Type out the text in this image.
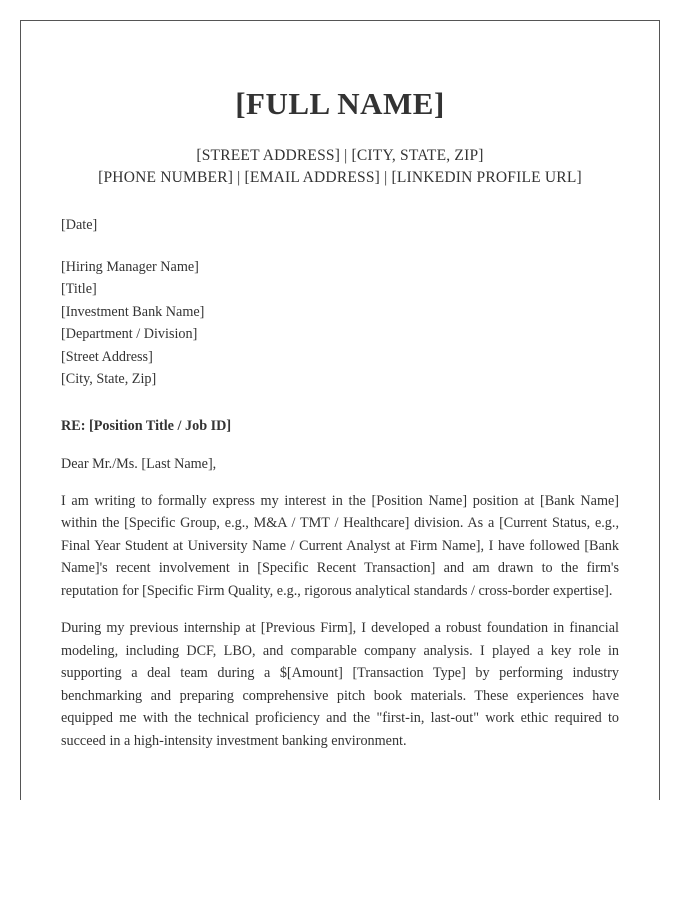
[FULL NAME]
[STREET ADDRESS] | [CITY, STATE, ZIP]
[PHONE NUMBER] | [EMAIL ADDRESS] | [LINKEDIN PROFILE URL]
[Date]
[Hiring Manager Name]
[Title]
[Investment Bank Name]
[Department / Division]
[Street Address]
[City, State, Zip]
RE: [Position Title / Job ID]
Dear Mr./Ms. [Last Name],

I am writing to formally express my interest in the [Position Name] position at [Bank Name] within the [Specific Group, e.g., M&A / TMT / Healthcare] division. As a [Current Status, e.g., Final Year Student at University Name / Current Analyst at Firm Name], I have followed [Bank Name]'s recent involvement in [Specific Recent Transaction] and am drawn to the firm's reputation for [Specific Firm Quality, e.g., rigorous analytical standards / cross-border expertise].

During my previous internship at [Previous Firm], I developed a robust foundation in financial modeling, including DCF, LBO, and comparable company analysis. I played a key role in supporting a deal team during a $[Amount] [Transaction Type] by performing industry benchmarking and preparing comprehensive pitch book materials. These experiences have equipped me with the technical proficiency and the "first-in, last-out" work ethic required to succeed in a high-intensity investment banking environment.
